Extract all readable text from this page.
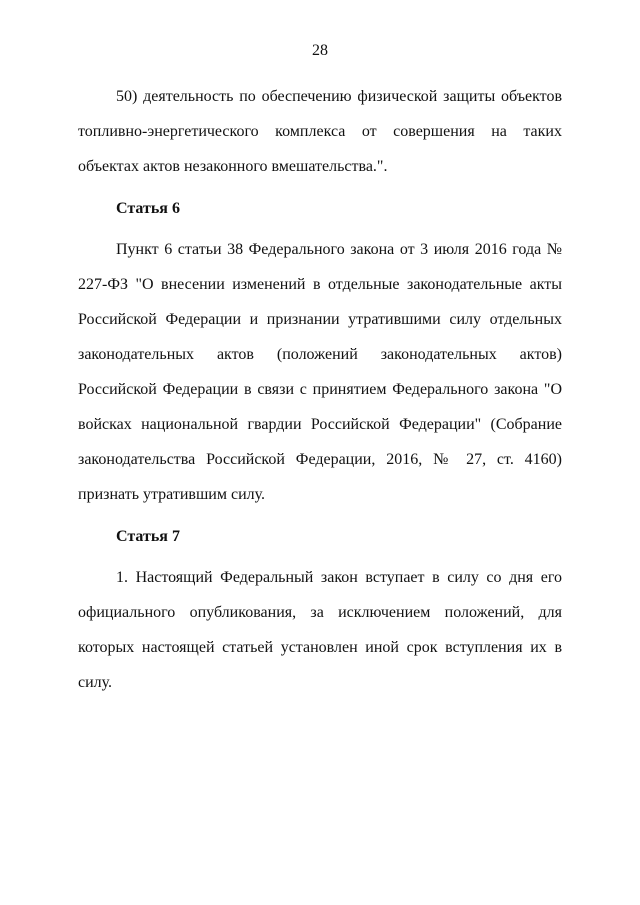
28

50) деятельность по обеспечению физической защиты объектов топливно-энергетического комплекса от совершения на таких объектах актов незаконного вмешательства.".

Статья 6

Пункт 6 статьи 38 Федерального закона от 3 июля 2016 года № 227-ФЗ "О внесении изменений в отдельные законодательные акты Российской Федерации и признании утратившими силу отдельных законодательных актов (положений законодательных актов) Российской Федерации в связи с принятием Федерального закона "О войсках национальной гвардии Российской Федерации" (Собрание законодательства Российской Федерации, 2016, № 27, ст. 4160) признать утратившим силу.

Статья 7

1. Настоящий Федеральный закон вступает в силу со дня его официального опубликования, за исключением положений, для которых настоящей статьей установлен иной срок вступления их в силу.
